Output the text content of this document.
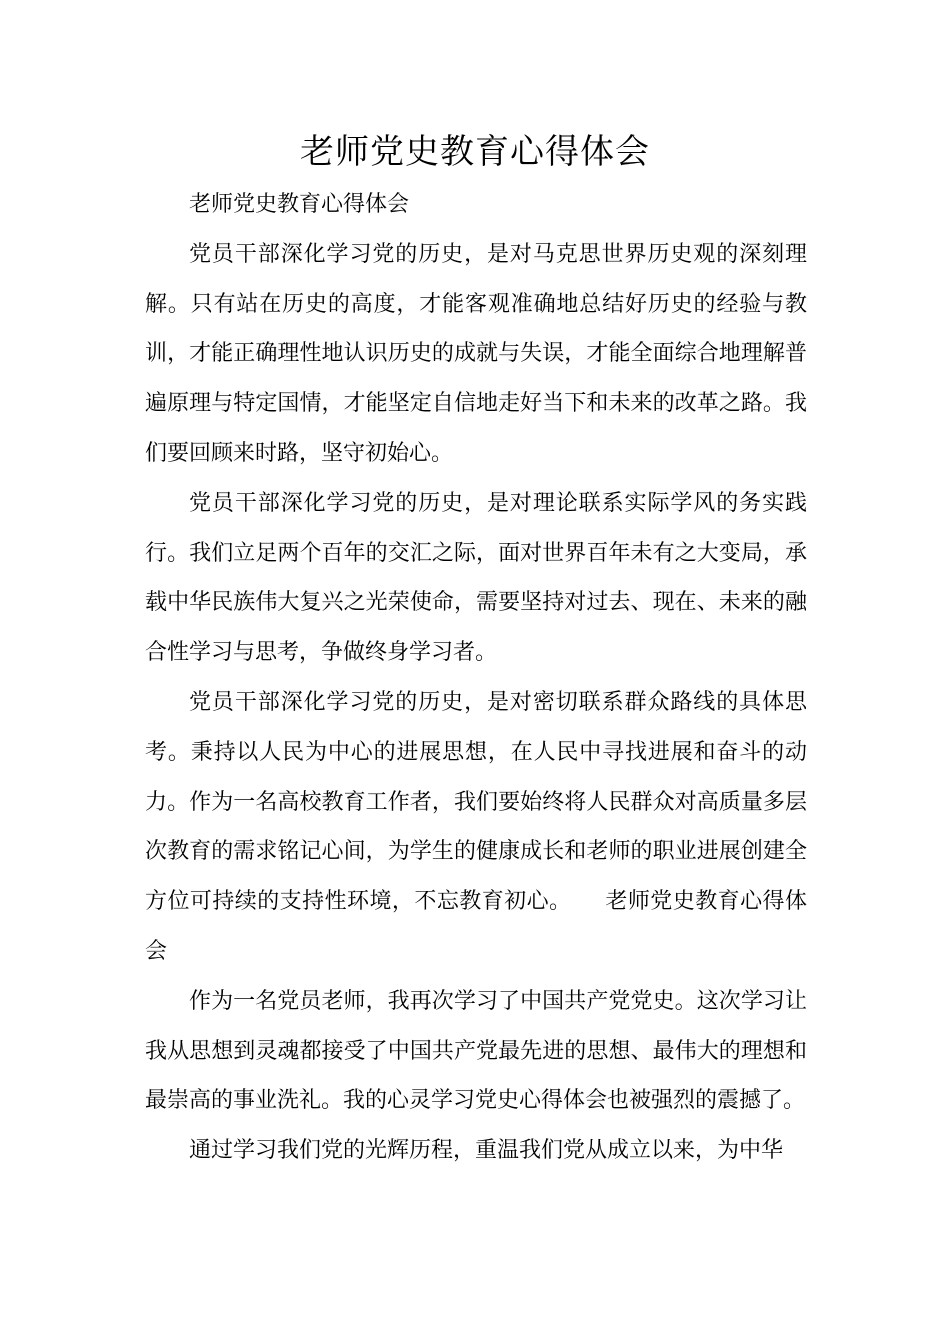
老师党史教育心得体会

老师党史教育心得体会

党员干部深化学习党的历史，是对马克思世界历史观的深刻理解。只有站在历史的高度，才能客观准确地总结好历史的经验与教训，才能正确理性地认识历史的成就与失误，才能全面综合地理解普遍原理与特定国情，才能坚定自信地走好当下和未来的改革之路。我们要回顾来时路，坚守初始心。

党员干部深化学习党的历史，是对理论联系实际学风的务实践行。我们立足两个百年的交汇之际，面对世界百年未有之大变局，承载中华民族伟大复兴之光荣使命，需要坚持对过去、现在、未来的融合性学习与思考，争做终身学习者。

党员干部深化学习党的历史，是对密切联系群众路线的具体思考。秉持以人民为中心的进展思想，在人民中寻找进展和奋斗的动力。作为一名高校教育工作者，我们要始终将人民群众对高质量多层次教育的需求铭记心间，为学生的健康成长和老师的职业进展创建全方位可持续的支持性环境，不忘教育初心。　　老师党史教育心得体会

作为一名党员老师，我再次学习了中国共产党党史。这次学习让我从思想到灵魂都接受了中国共产党最先进的思想、最伟大的理想和最崇高的事业洗礼。我的心灵学习党史心得体会也被强烈的震撼了。

通过学习我们党的光辉历程，重温我们党从成立以来，为中华
